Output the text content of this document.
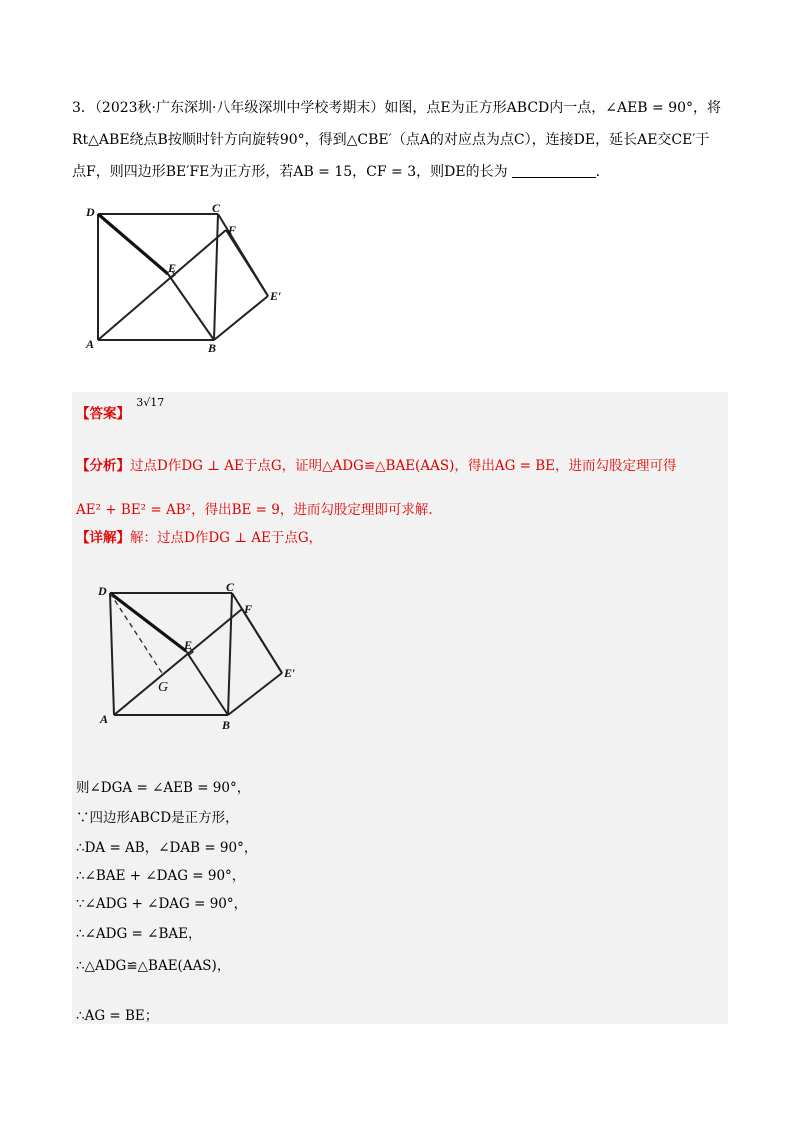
3．（2023秋·广东深圳·八年级深圳中学校考期末）如图，点E为正方形ABCD内一点，∠AEB = 90°，将
Rt△ABE绕点B按顺时针方向旋转90°，得到△CBE′（点A的对应点为点C），连接DE，延长AE交CE′于
点F，则四边形BE′FE为正方形，若AB = 15，CF = 3，则DE的长为	.
D	C
F
E
E′
A	B
【答案】 $^{3√17}$
【分析】过点D作DG ⊥ AE于点G，证明△ADG≌△BAE(AAS)，得出AG = BE，进而勾股定理可得
AE² + BE² = AB²，得出BE = 9，进而勾股定理即可求解.
【详解】解：过点D作DG ⊥ AE于点G，
D	C
F
E
E′
G
A	B
则∠DGA = ∠AEB = 90°，
∵四边形ABCD是正方形，
∴DA = AB，∠DAB = 90°，
∴∠BAE + ∠DAG = 90°，
∵∠ADG + ∠DAG = 90°，
∴∠ADG = ∠BAE，
∴△ADG≌△BAE(AAS)，
∴AG = BE；
